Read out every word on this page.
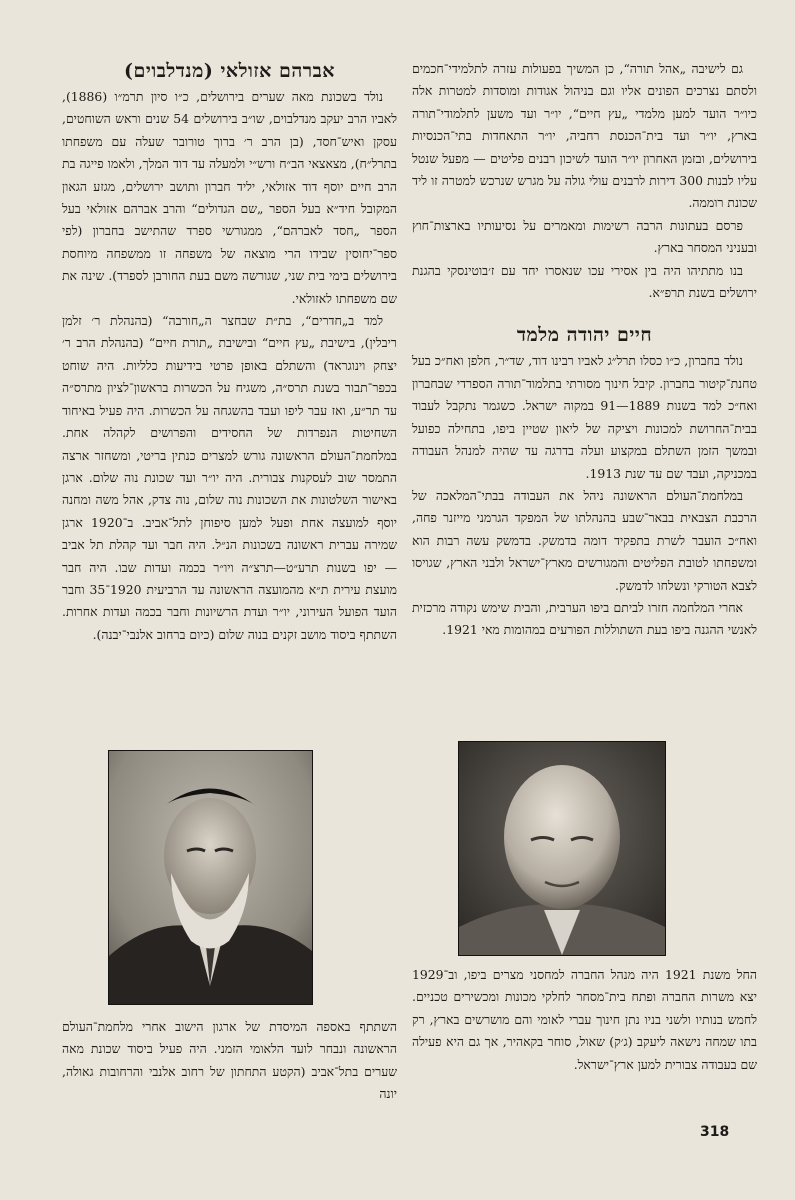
גם לישיבה „אהל תורה“, כן המשיך בפעולות עזרה לתלמידי־חכמים ולסתם נצרכים הפונים אליו וגם בניהול אגודות ומוסדות למטרות אלה כיו״ר הועד למען מלמדי „עץ חיים“, יו״ר ועד משען לתלמודי־תורה בארץ, יו״ר ועד בית־הכנסת רחביה, יו״ר התאחדות בתי־הכנסיות בירושלים, ובזמן האחרון יו״ר הועד לשיכון רבנים פליטים — מפעל שנטל עליו לבנות 300 דירות לרבנים עולי גולה על מגרש שנרכש למטרה זו ליד שכונת רוממה.

פרסם בעתונות הרבה רשימות ומאמרים על נסיעותיו בארצות־חוץ ובעניני המסחר בארץ.

בנו מתתיהו היה בין אסירי עכו שנאסרו יחד עם ז׳בוטינסקי בהגנת ירושלים בשנת תרפ״א.

חיים יהודה מלמד

נולד בחברון, כ״ו כסלו תרל״ג לאביו רבינו דוד, שד״ר, חלפן ואח״כ בעל טחנת־קיטור בחברון. קיבל חינוך מסורתי בתלמוד־תורה הספרדי שבחברון ואח״כ למד בשנות 1889—91 במקוה ישראל. כשגמר נתקבל לעבוד בבית־החרושת למכונות ויציקה של ליאון שטיין ביפו, בתחילה כפועל ובמשך הזמן השתלם במקצוע ועלה בדרגה עד שהיה למנהל העבודה במכניקה, ועבד שם עד שנת 1913.

במלחמת־העולם הראשונה ניהל את העבודה בבתי־המלאכה של הרכבת הצבאית בבאר־שבע בהנהלתו של המפקד הגרמני מייזנר פחה, ואח״כ הועבר לשרת בתפקיד דומה בדמשק. בדמשק עשה רבות הוא ומשפחתו לטובת הפליטים והמגורשים מארץ־ישראל ולבני הארץ, שגויסו לצבא הטורקי ונשלחו לדמשק.

אחרי המלחמה חזרו לביתם ביפו הערבית, והבית שימש נקודה מרכזית לאנשי ההגנה ביפו בעת השתוללות הפורעים במהומות מאי 1921.

אברהם אזולאי (מנדלבוים)

נולד בשכונת מאה שערים בירושלים, כ״ו סיון תרמ״ו (1886), לאביו הרב יעקב מנדלבוים, שו״ב בירושלים 54 שנים וראש השוחטים, עסקן ואיש־חסד, (בן הרב ר׳ ברוך טורובר שעלה עם משפחתו בתרל״ח), מצאצאי הב״ח ורש״י ולמעלה עד דוד המלך, ולאמו פייגה בת הרב חיים יוסף דוד אזולאי, יליד חברון ותושב ירושלים, מגזע הגאון המקובל חיד״א בעל הספר „שם הגדולים“ והרב אברהם אזולאי בעל הספר „חסד לאברהם“, ממגורשי ספרד שהתישב בחברון (לפי ספר־יחוסין שבידו הרי מוצאה של משפחה זו ממשפחה מיוחסת בירושלים בימי בית שני, שגורשה משם בעת החורבן לספרד). שינה את שם משפחתו לאזולאי.

למד ב„חדרים“, בת״ת שבחצר ה„חורבה“ (בהנהלת ר׳ זלמן ריבלין), בישיבת „עץ חיים“ ובישיבת „תורת חיים“ (בהנהלת הרב ר׳ יצחק וינוגראד) והשתלם באופן פרטי בידיעות כלליות. היה שוחט בכפר־תבור בשנת תרס״ה, משגיח על הכשרות בראשון־לציון מתרס״ה עד תר״ע, ואז עבר ליפו ועבד בהשגחה על הכשרות. היה פעיל באיחוד השחיטות הנפרדות של החסידים והפרושים לקהלה אחת. במלחמת־העולם הראשונה גורש למצרים כנתין בריטי, ומשחזר ארצה התמסר שוב לעסקנות צבורית. היה יו״ר ועד שכונת נוה שלום. ארגן באישור השלטונות את השכונות נוה שלום, נוה צדק, אהל משה ומחנה יוסף למועצה אחת ופעל למען סיפוחן לתל־אביב. ב־1920 ארגן שמירה עברית ראשונה בשכונות הנ״ל. היה חבר ועד קהלת תל אביב — יפו בשנות תרע״ט—תרצ״ה ויו״ר בכמה ועדות שבו. היה חבר מועצת עירית ת״א מהמועצה הראשונה עד הרביעית 1920־35 וחבר הועד הפועל העירוני, יו״ר ועדת הרשיונות וחבר בכמה ועדות אחרות. השתתף ביסוד מושב זקנים בנוה שלום (כיום ברחוב אלנבי־יבנה).

השתתף באספה המיסדת של ארגון הישוב אחרי מלחמת־העולם הראשונה ונבחר לועד הלאומי הזמני. היה פעיל ביסוד שכונת מאה שערים בתל־אביב (הקטע התחתון של רחוב אלנבי והרחובות גאולה, יונה
החל משנת 1921 היה מנהל החברה למחסני מצרים ביפו, וב־1929 יצא משרות החברה ופתח בית־מסחר לחלקי מכונות ומכשירים טכניים. לחמש בנותיו ולשני בניו נתן חינוך עברי לאומי והם מושרשים בארץ, רק בתו שמחה נישאה ליעקב (ג׳ק) שאול, סוחר בקאהיר, אך גם היא פעילה שם בעבודה צבורית למען ארץ־ישראל.
318
